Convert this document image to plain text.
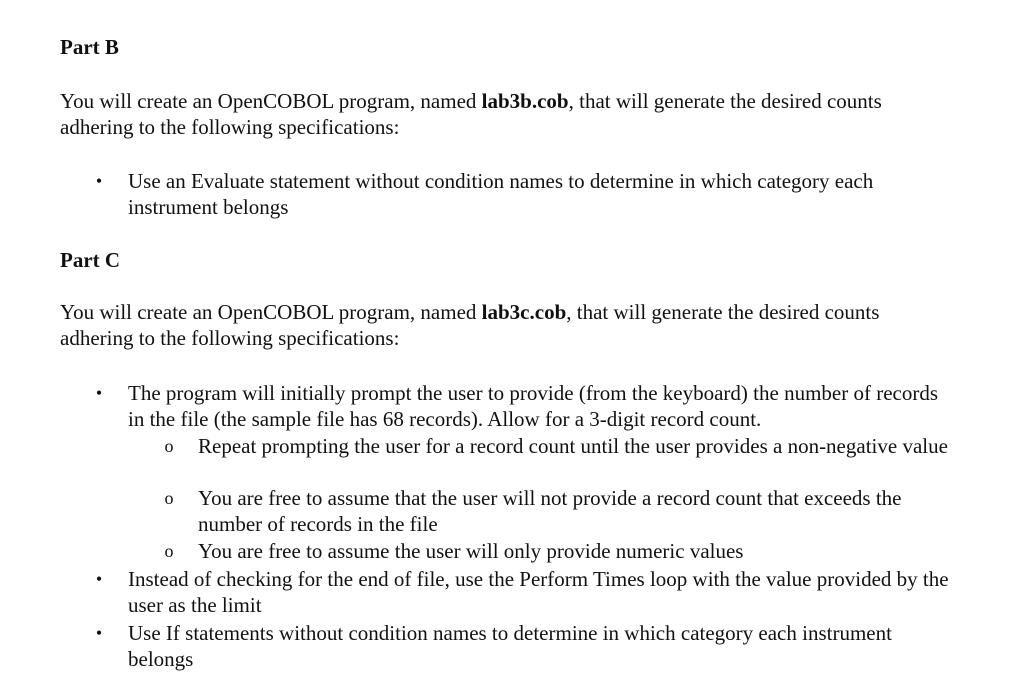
Part B
You will create an OpenCOBOL program, named lab3b.cob, that will generate the desired counts adhering to the following specifications:
• Use an Evaluate statement without condition names to determine in which category each instrument belongs
Part C
You will create an OpenCOBOL program, named lab3c.cob, that will generate the desired counts adhering to the following specifications:
• The program will initially prompt the user to provide (from the keyboard) the number of records in the file (the sample file has 68 records). Allow for a 3-digit record count.
o Repeat prompting the user for a record count until the user provides a non-negative value
o You are free to assume that the user will not provide a record count that exceeds the number of records in the file
o You are free to assume the user will only provide numeric values
• Instead of checking for the end of file, use the Perform Times loop with the value provided by the user as the limit
• Use If statements without condition names to determine in which category each instrument belongs
